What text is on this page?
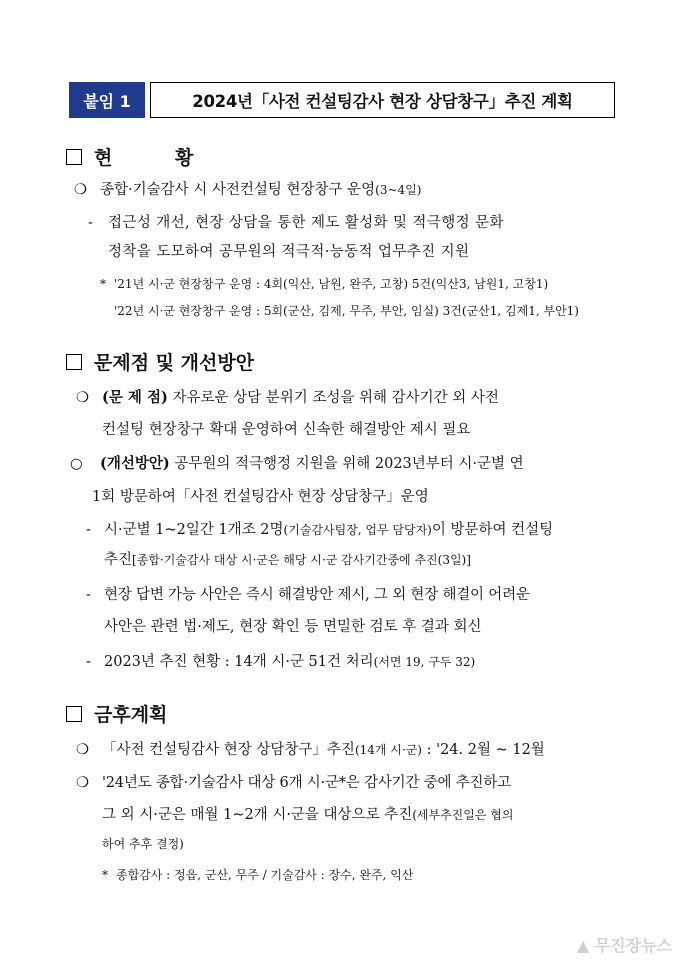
붙임 1	2024년「사전 컨설팅감사 현장 상담창구」추진 계획
현 황
❍ 종합·기술감사 시 사전컨설팅 현장창구 운영(3~4일)
- 접근성 개선, 현장 상담을 통한 제도 활성화 및 적극행정 문화
정착을 도모하여 공무원의 적극적·능동적 업무추진 지원
* '21년 시·군 현장창구 운영 : 4회(익산, 남원, 완주, 고창) 5건(익산3, 남원1, 고창1)
'22년 시·군 현장창구 운영 : 5회(군산, 김제, 무주, 부안, 임실) 3건(군산1, 김제1, 부안1)
문제점 및 개선방안
❍ (문 제 점) 자유로운 상담 분위기 조성을 위해 감사기간 외 사전
컨설팅 현장창구 확대 운영하여 신속한 해결방안 제시 필요
○ (개선방안) 공무원의 적극행정 지원을 위해 2023년부터 시·군별 연
1회 방문하여「사전 컨설팅감사 현장 상담창구」운영
- 시·군별 1~2일간 1개조 2명(기술감사팀장, 업무 담당자)이 방문하여 컨설팅
추진[종합·기술감사 대상 시·군은 해당 시·군 감사기간중에 추진(3일)]
- 현장 답변 가능 사안은 즉시 해결방안 제시, 그 외 현장 해결이 어려운
사안은 관련 법·제도, 현장 확인 등 면밀한 검토 후 결과 회신
- 2023년 추진 현황 : 14개 시·군 51건 처리(서면 19, 구두 32)
금후계획
❍ 「사전 컨설팅감사 현장 상담창구」추진(14개 시·군) : '24. 2월 ~ 12월
❍ '24년도 종합·기술감사 대상 6개 시·군*은 감사기간 중에 추진하고
그 외 시·군은 매월 1~2개 시·군을 대상으로 추진(세부추진일은 협의
하여 추후 결정)
* 종합감사 : 정읍, 군산, 무주 / 기술감사 : 장수, 완주, 익산
▲ 무진장뉴스
